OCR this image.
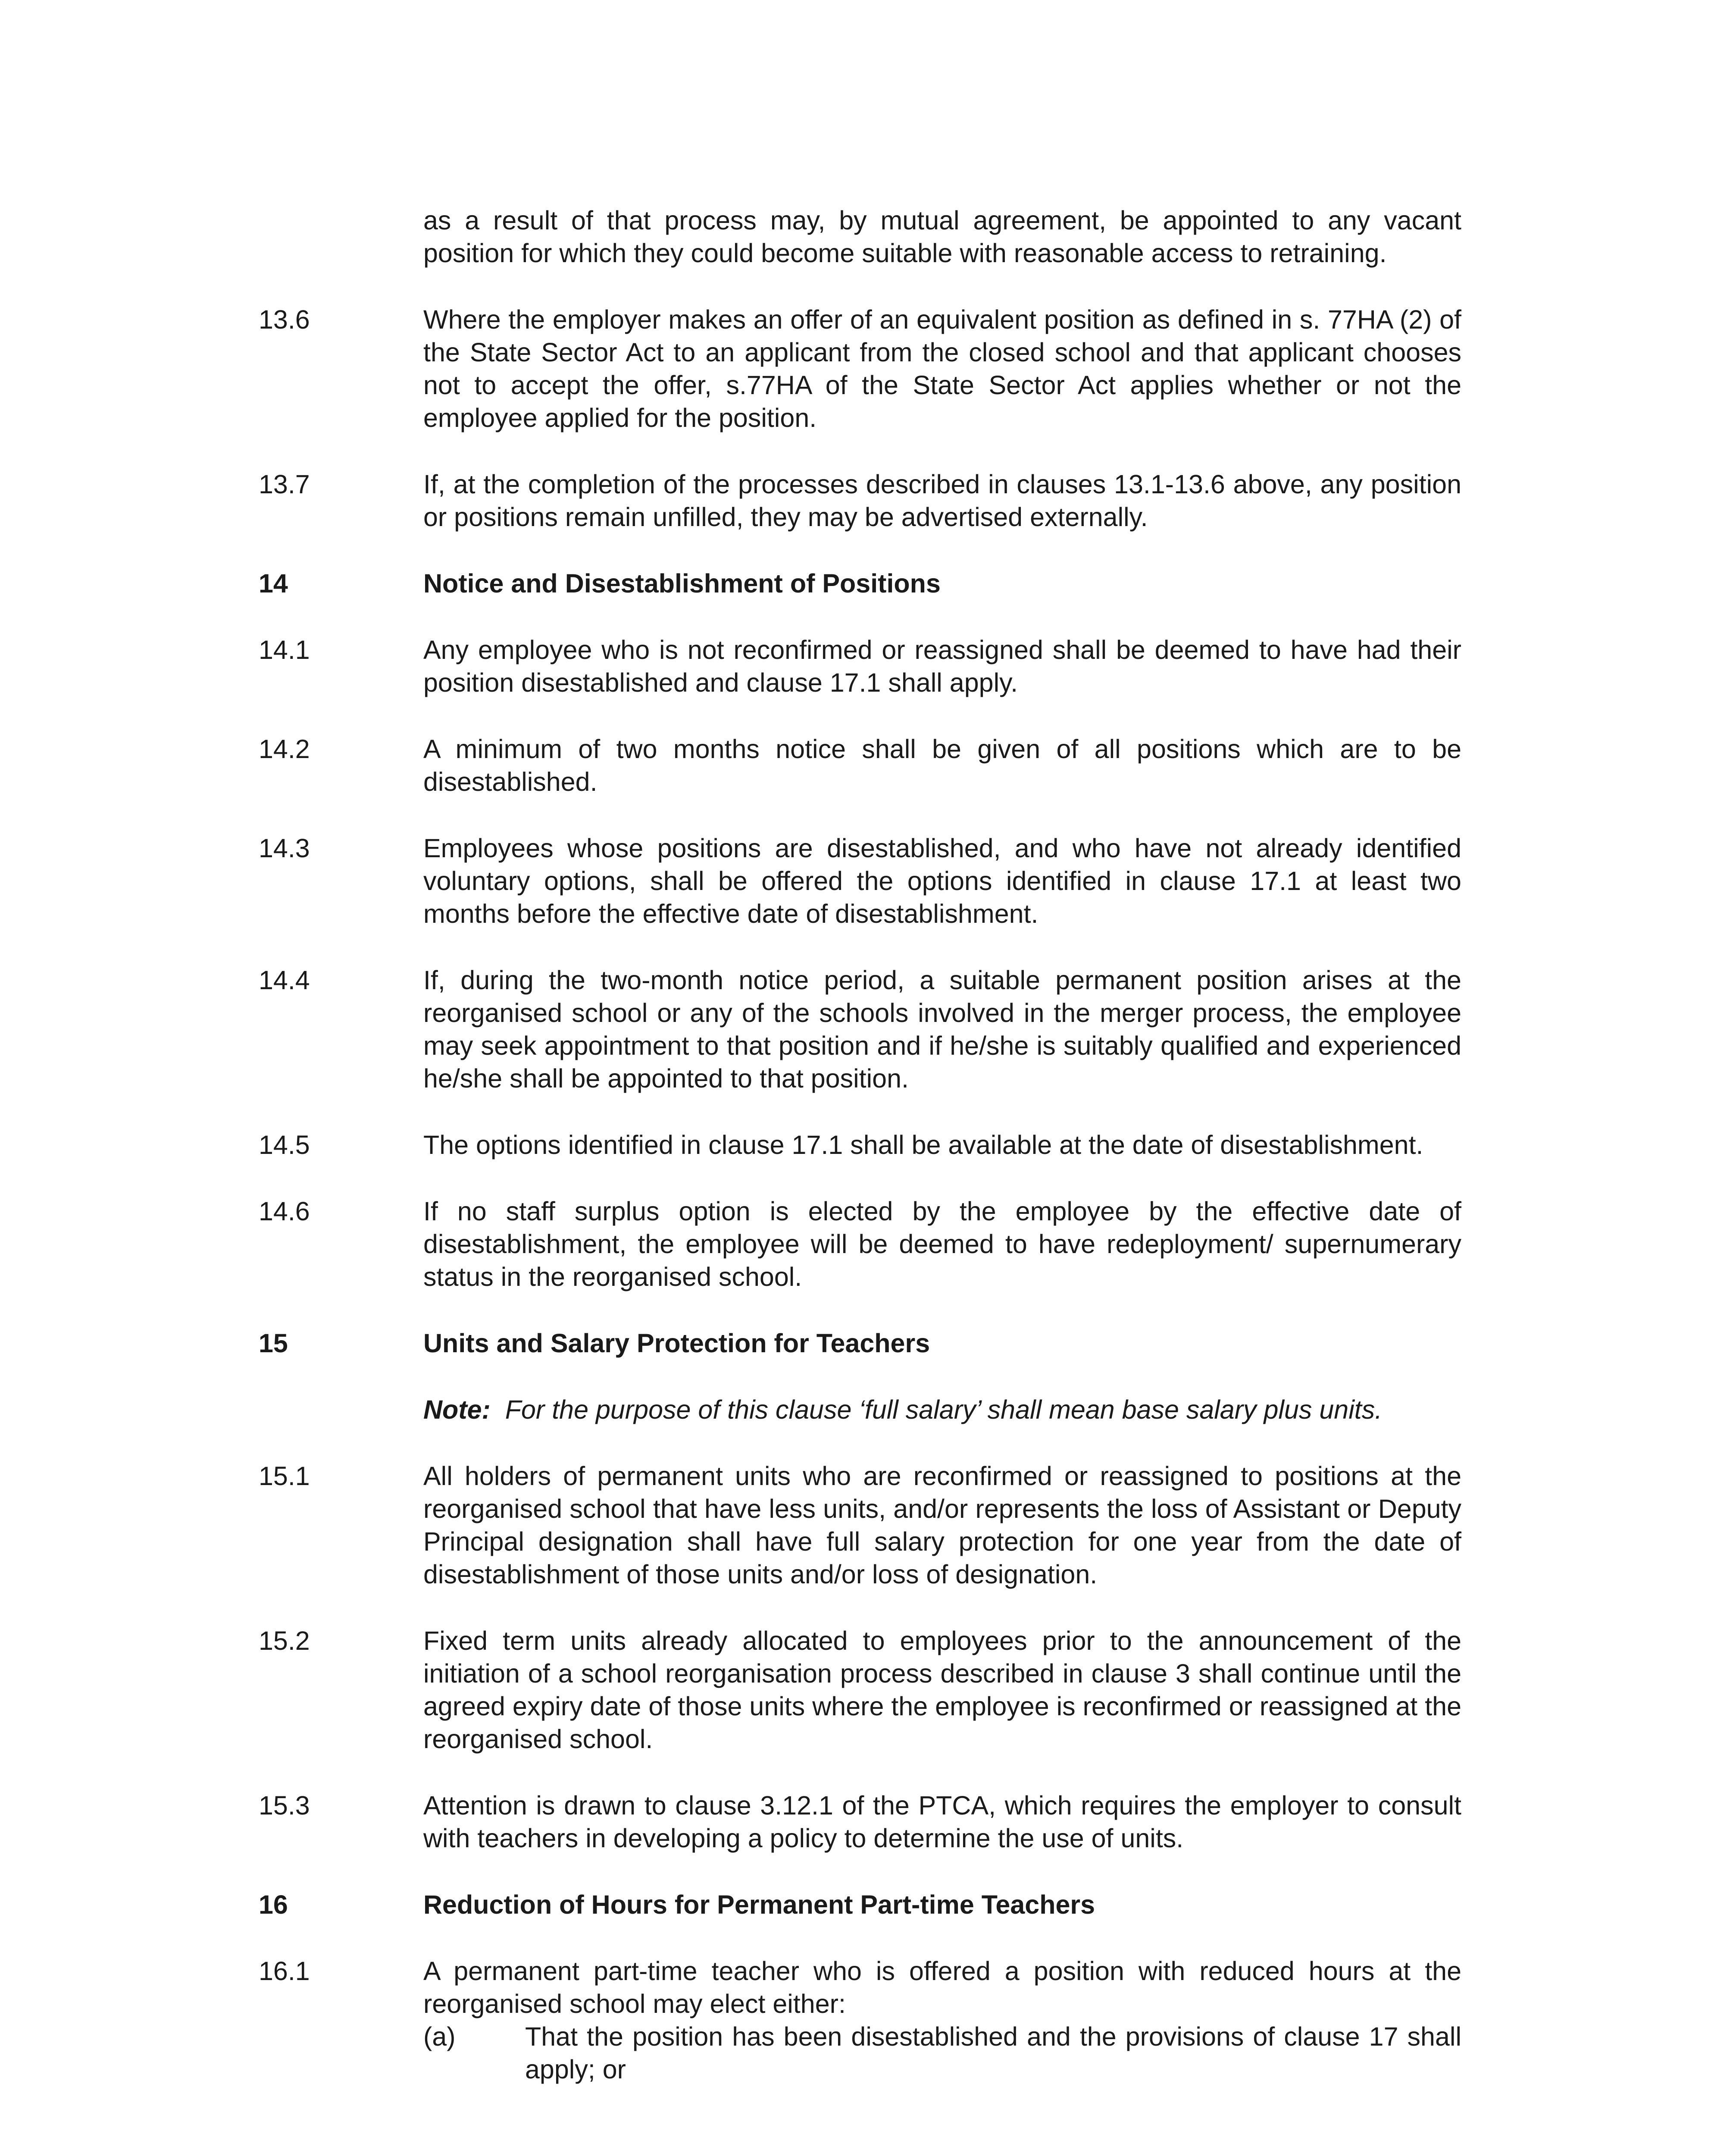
as a result of that process may, by mutual agreement, be appointed to any vacant position for which they could become suitable with reasonable access to retraining.
13.6	Where the employer makes an offer of an equivalent position as defined in s. 77HA (2) of the State Sector Act to an applicant from the closed school and that applicant chooses not to accept the offer, s.77HA of the State Sector Act applies whether or not the employee applied for the position.
13.7	If, at the completion of the processes described in clauses 13.1-13.6 above, any position or positions remain unfilled, they may be advertised externally.
14	Notice and Disestablishment of Positions
14.1	Any employee who is not reconfirmed or reassigned shall be deemed to have had their position disestablished and clause 17.1 shall apply.
14.2	A minimum of two months notice shall be given of all positions which are to be disestablished.
14.3	Employees whose positions are disestablished, and who have not already identified voluntary options, shall be offered the options identified in clause 17.1 at least two months before the effective date of disestablishment.
14.4	If, during the two-month notice period, a suitable permanent position arises at the reorganised school or any of the schools involved in the merger process, the employee may seek appointment to that position and if he/she is suitably qualified and experienced he/she shall be appointed to that position.
14.5	The options identified in clause 17.1 shall be available at the date of disestablishment.
14.6	If no staff surplus option is elected by the employee by the effective date of disestablishment, the employee will be deemed to have redeployment/ supernumerary status in the reorganised school.
15	Units and Salary Protection for Teachers
Note: For the purpose of this clause ‘full salary’ shall mean base salary plus units.
15.1	All holders of permanent units who are reconfirmed or reassigned to positions at the reorganised school that have less units, and/or represents the loss of Assistant or Deputy Principal designation shall have full salary protection for one year from the date of disestablishment of those units and/or loss of designation.
15.2	Fixed term units already allocated to employees prior to the announcement of the initiation of a school reorganisation process described in clause 3 shall continue until the agreed expiry date of those units where the employee is reconfirmed or reassigned at the reorganised school.
15.3	Attention is drawn to clause 3.12.1 of the PTCA, which requires the employer to consult with teachers in developing a policy to determine the use of units.
16	Reduction of Hours for Permanent Part-time Teachers
16.1	A permanent part-time teacher who is offered a position with reduced hours at the reorganised school may elect either:
(a)	That the position has been disestablished and the provisions of clause 17 shall apply; or
